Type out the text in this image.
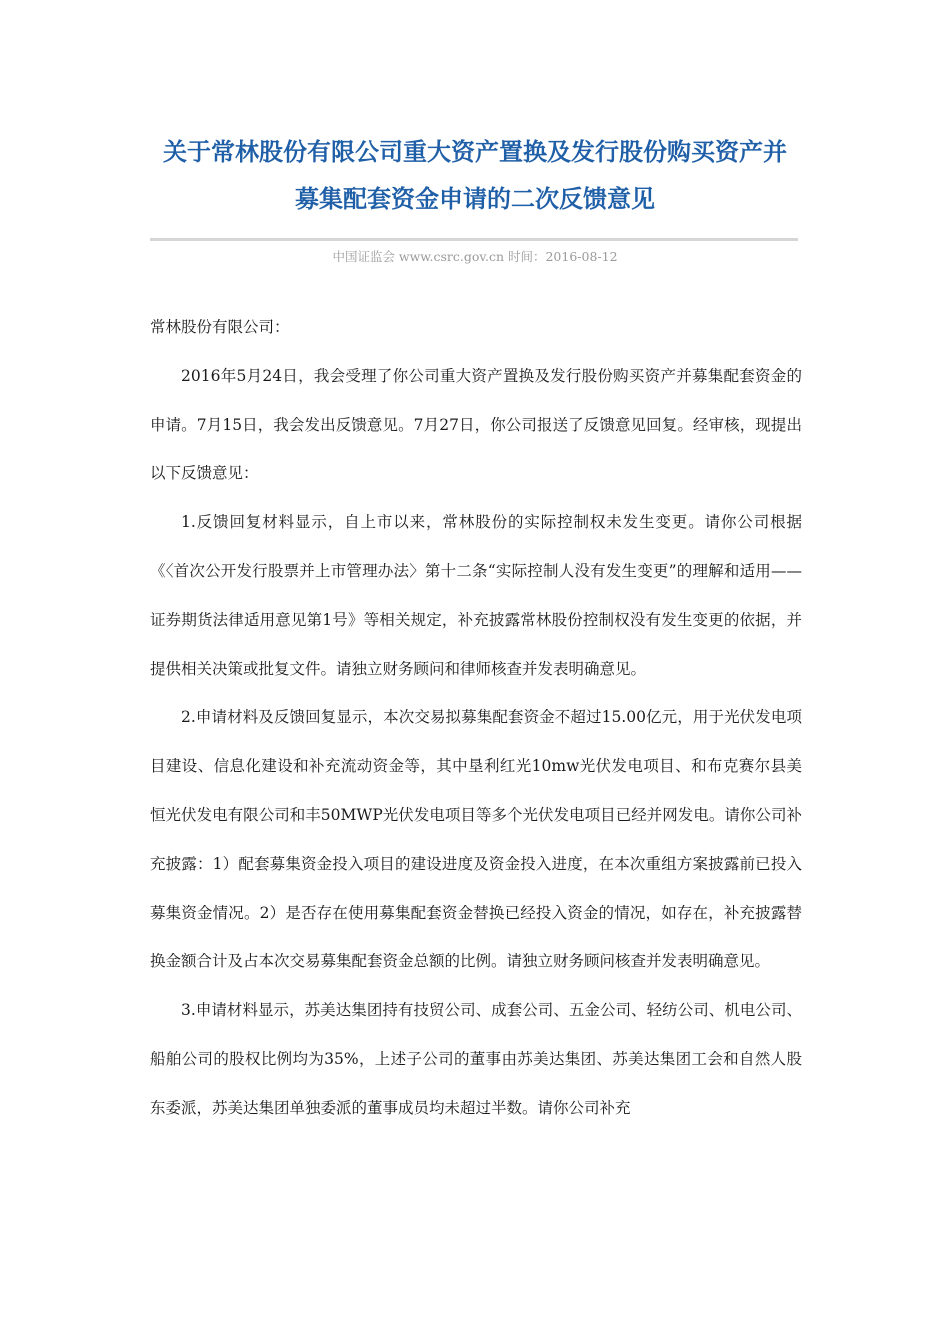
关于常林股份有限公司重大资产置换及发行股份购买资产并
募集配套资金申请的二次反馈意见
中国证监会 www.csrc.gov.cn 时间：2016-08-12

常林股份有限公司：

2016年5月24日，我会受理了你公司重大资产置换及发行股份购买资产并募集配套资金的申请。7月15日，我会发出反馈意见。7月27日，你公司报送了反馈意见回复。经审核，现提出以下反馈意见：

1.反馈回复材料显示，自上市以来，常林股份的实际控制权未发生变更。请你公司根据《〈首次公开发行股票并上市管理办法〉第十二条“实际控制人没有发生变更”的理解和适用——证券期货法律适用意见第1号》等相关规定，补充披露常林股份控制权没有发生变更的依据，并提供相关决策或批复文件。请独立财务顾问和律师核查并发表明确意见。

2.申请材料及反馈回复显示，本次交易拟募集配套资金不超过15.00亿元，用于光伏发电项目建设、信息化建设和补充流动资金等，其中垦利红光10mw光伏发电项目、和布克赛尔县美恒光伏发电有限公司和丰50MWP光伏发电项目等多个光伏发电项目已经并网发电。请你公司补充披露：1）配套募集资金投入项目的建设进度及资金投入进度，在本次重组方案披露前已投入募集资金情况。2）是否存在使用募集配套资金替换已经投入资金的情况，如存在，补充披露替换金额合计及占本次交易募集配套资金总额的比例。请独立财务顾问核查并发表明确意见。

3.申请材料显示，苏美达集团持有技贸公司、成套公司、五金公司、轻纺公司、机电公司、船舶公司的股权比例均为35%，上述子公司的董事由苏美达集团、苏美达集团工会和自然人股东委派，苏美达集团单独委派的董事成员均未超过半数。请你公司补充
